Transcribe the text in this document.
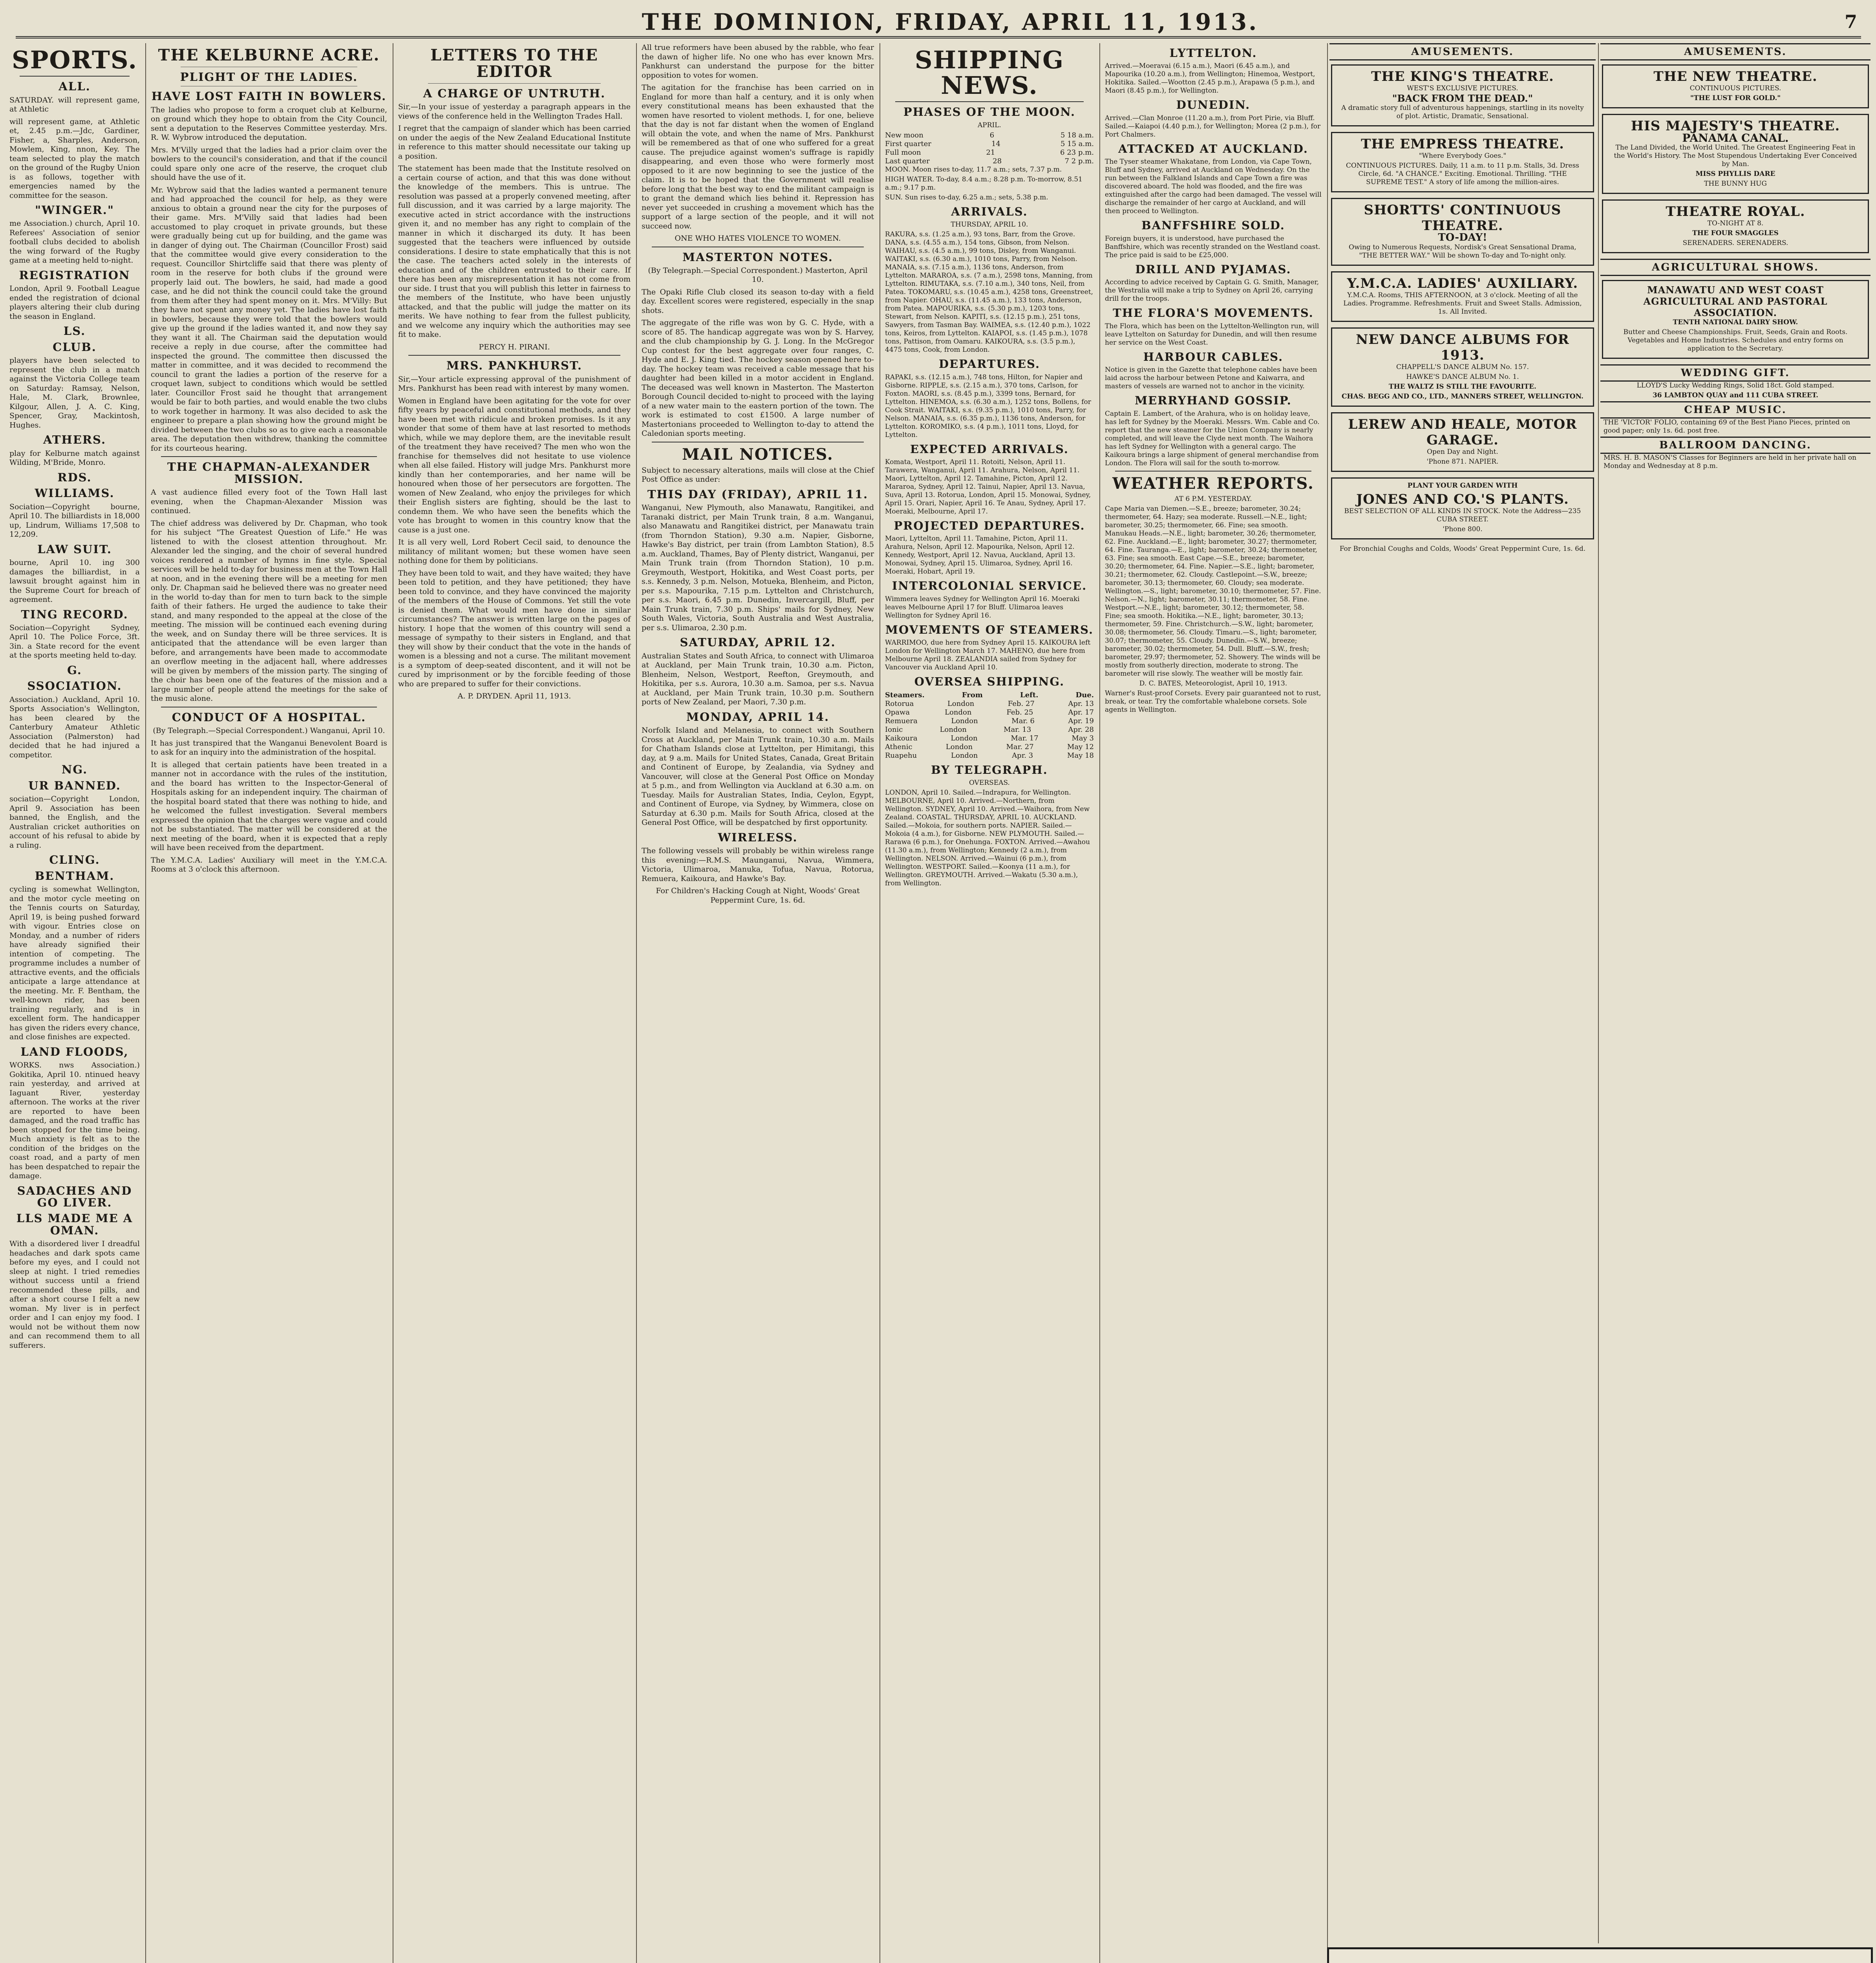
THE DOMINION, FRIDAY, APRIL 11, 1913.	7
SPORTS.
ALL.
SATURDAY. will represent game, at Athletic
will represent game, at Athletic et, 2.45 p.m.—Jdc, Gardiner, Fisher, a, Sharples, Anderson, Mowlem, King, nnon, Key. The team selected to play the match on the ground of the Rugby Union is as follows, together with emergencies named by the committee for the season.
"WINGER."
me Association.) church, April 10. Referees' Association of senior football clubs decided to abolish the wing forward of the Rugby game at a meeting held to-night.
REGISTRATION
London, April 9. Football League ended the registration of dcional players altering their club during the season in England.
LS.
CLUB.
players have been selected to represent the club in a match against the Victoria College team on Saturday: Ramsay, Nelson, Hale, M. Clark, Brownlee, Kilgour, Allen, J. A. C. King, Spencer, Gray, Mackintosh, Hughes.
ATHERS.
play for Kelburne match against Wilding, M'Bride, Monro.
RDS.
WILLIAMS.
Sociation—Copyright bourne, April 10. The billiardists in 18,000 up, Lindrum, Williams 17,508 to 12,209.
LAW SUIT.
bourne, April 10. ing 300 damages the billiardist, in a lawsuit brought against him in the Supreme Court for breach of agreement.
TING RECORD.
Sociation—Copyright Sydney, April 10. The Police Force, 3ft. 3in. a State record for the event at the sports meeting held to-day.
G.
SSOCIATION.
Association.) Auckland, April 10. Sports Association's Wellington, has been cleared by the Canterbury Amateur Athletic Association (Palmerston) had decided that he had injured a competitor.
NG.
UR BANNED.
sociation—Copyright London, April 9. Association has been banned, the English, and the Australian cricket authorities on account of his refusal to abide by a ruling.
CLING.
BENTHAM.
cycling is somewhat Wellington, and the motor cycle meeting on the Tennis courts on Saturday, April 19, is being pushed forward with vigour. Entries close on Monday, and a number of riders have already signified their intention of competing. The programme includes a number of attractive events, and the officials anticipate a large attendance at the meeting. Mr. F. Bentham, the well-known rider, has been training regularly, and is in excellent form. The handicapper has given the riders every chance, and close finishes are expected.
LAND FLOODS,
WORKS. nws Association.) Gokitika, April 10. ntinued heavy rain yesterday, and arrived at Iaguant River, yesterday afternoon. The works at the river are reported to have been damaged, and the road traffic has been stopped for the time being. Much anxiety is felt as to the condition of the bridges on the coast road, and a party of men has been despatched to repair the damage.
SADACHES AND GO LIVER.
LLS MADE ME A OMAN.
With a disordered liver I dreadful headaches and dark spots came before my eyes, and I could not sleep at night. I tried remedies without success until a friend recommended these pills, and after a short course I felt a new woman. My liver is in perfect order and I can enjoy my food. I would not be without them now and can recommend them to all sufferers.
THE KELBURNE ACRE.
PLIGHT OF THE LADIES.
HAVE LOST FAITH IN BOWLERS.
The ladies who propose to form a croquet club at Kelburne, on ground which they hope to obtain from the City Council, sent a deputation to the Reserves Committee yesterday. Mrs. R. W. Wybrow introduced the deputation.
Mrs. M'Villy urged that the ladies had a prior claim over the bowlers to the council's consideration, and that if the council could spare only one acre of the reserve, the croquet club should have the use of it.
Mr. Wybrow said that the ladies wanted a permanent tenure and had approached the council for help, as they were anxious to obtain a ground near the city for the purposes of their game. Mrs. M'Villy said that ladies had been accustomed to play croquet in private grounds, but these were gradually being cut up for building, and the game was in danger of dying out. The Chairman (Councillor Frost) said that the committee would give every consideration to the request. Councillor Shirtcliffe said that there was plenty of room in the reserve for both clubs if the ground were properly laid out. The bowlers, he said, had made a good case, and he did not think the council could take the ground from them after they had spent money on it. Mrs. M'Villy: But they have not spent any money yet. The ladies have lost faith in bowlers, because they were told that the bowlers would give up the ground if the ladies wanted it, and now they say they want it all. The Chairman said the deputation would receive a reply in due course, after the committee had inspected the ground. The committee then discussed the matter in committee, and it was decided to recommend the council to grant the ladies a portion of the reserve for a croquet lawn, subject to conditions which would be settled later. Councillor Frost said he thought that arrangement would be fair to both parties, and would enable the two clubs to work together in harmony. It was also decided to ask the engineer to prepare a plan showing how the ground might be divided between the two clubs so as to give each a reasonable area. The deputation then withdrew, thanking the committee for its courteous hearing.
THE CHAPMAN-ALEXANDER MISSION.
A vast audience filled every foot of the Town Hall last evening, when the Chapman-Alexander Mission was continued.
The chief address was delivered by Dr. Chapman, who took for his subject "The Greatest Question of Life." He was listened to with the closest attention throughout. Mr. Alexander led the singing, and the choir of several hundred voices rendered a number of hymns in fine style. Special services will be held to-day for business men at the Town Hall at noon, and in the evening there will be a meeting for men only. Dr. Chapman said he believed there was no greater need in the world to-day than for men to turn back to the simple faith of their fathers. He urged the audience to take their stand, and many responded to the appeal at the close of the meeting. The mission will be continued each evening during the week, and on Sunday there will be three services. It is anticipated that the attendance will be even larger than before, and arrangements have been made to accommodate an overflow meeting in the adjacent hall, where addresses will be given by members of the mission party. The singing of the choir has been one of the features of the mission and a large number of people attend the meetings for the sake of the music alone.
CONDUCT OF A HOSPITAL.
(By Telegraph.—Special Correspondent.) Wanganui, April 10.
It has just transpired that the Wanganui Benevolent Board is to ask for an inquiry into the administration of the hospital.
It is alleged that certain patients have been treated in a manner not in accordance with the rules of the institution, and the board has written to the Inspector-General of Hospitals asking for an independent inquiry. The chairman of the hospital board stated that there was nothing to hide, and he welcomed the fullest investigation. Several members expressed the opinion that the charges were vague and could not be substantiated. The matter will be considered at the next meeting of the board, when it is expected that a reply will have been received from the department.
The Y.M.C.A. Ladies' Auxiliary will meet in the Y.M.C.A. Rooms at 3 o'clock this afternoon.
LETTERS TO THE EDITOR
A CHARGE OF UNTRUTH.
Sir,—In your issue of yesterday a paragraph appears in the views of the conference held in the Wellington Trades Hall.
I regret that the campaign of slander which has been carried on under the aegis of the New Zealand Educational Institute in reference to this matter should necessitate our taking up a position.
The statement has been made that the Institute resolved on a certain course of action, and that this was done without the knowledge of the members. This is untrue. The resolution was passed at a properly convened meeting, after full discussion, and it was carried by a large majority. The executive acted in strict accordance with the instructions given it, and no member has any right to complain of the manner in which it discharged its duty. It has been suggested that the teachers were influenced by outside considerations. I desire to state emphatically that this is not the case. The teachers acted solely in the interests of education and of the children entrusted to their care. If there has been any misrepresentation it has not come from our side. I trust that you will publish this letter in fairness to the members of the Institute, who have been unjustly attacked, and that the public will judge the matter on its merits. We have nothing to fear from the fullest publicity, and we welcome any inquiry which the authorities may see fit to make.
PERCY H. PIRANI.
MRS. PANKHURST.
Sir,—Your article expressing approval of the punishment of Mrs. Pankhurst has been read with interest by many women.
Women in England have been agitating for the vote for over fifty years by peaceful and constitutional methods, and they have been met with ridicule and broken promises. Is it any wonder that some of them have at last resorted to methods which, while we may deplore them, are the inevitable result of the treatment they have received? The men who won the franchise for themselves did not hesitate to use violence when all else failed. History will judge Mrs. Pankhurst more kindly than her contemporaries, and her name will be honoured when those of her persecutors are forgotten. The women of New Zealand, who enjoy the privileges for which their English sisters are fighting, should be the last to condemn them. We who have seen the benefits which the vote has brought to women in this country know that the cause is a just one.
It is all very well, Lord Robert Cecil said, to denounce the militancy of militant women; but these women have seen nothing done for them by politicians.
They have been told to wait, and they have waited; they have been told to petition, and they have petitioned; they have been told to convince, and they have convinced the majority of the members of the House of Commons. Yet still the vote is denied them. What would men have done in similar circumstances? The answer is written large on the pages of history. I hope that the women of this country will send a message of sympathy to their sisters in England, and that they will show by their conduct that the vote in the hands of women is a blessing and not a curse. The militant movement is a symptom of deep-seated discontent, and it will not be cured by imprisonment or by the forcible feeding of those who are prepared to suffer for their convictions.
A. P. DRYDEN. April 11, 1913.
All true reformers have been abused by the rabble, who fear the dawn of higher life. No one who has ever known Mrs. Pankhurst can understand the purpose for the bitter opposition to votes for women.
The agitation for the franchise has been carried on in England for more than half a century, and it is only when every constitutional means has been exhausted that the women have resorted to violent methods. I, for one, believe that the day is not far distant when the women of England will obtain the vote, and when the name of Mrs. Pankhurst will be remembered as that of one who suffered for a great cause. The prejudice against women's suffrage is rapidly disappearing, and even those who were formerly most opposed to it are now beginning to see the justice of the claim. It is to be hoped that the Government will realise before long that the best way to end the militant campaign is to grant the demand which lies behind it. Repression has never yet succeeded in crushing a movement which has the support of a large section of the people, and it will not succeed now.
ONE WHO HATES VIOLENCE TO WOMEN.
MASTERTON NOTES.
(By Telegraph.—Special Correspondent.) Masterton, April 10.
The Opaki Rifle Club closed its season to-day with a field day. Excellent scores were registered, especially in the snap shots.
The aggregate of the rifle was won by G. C. Hyde, with a score of 85. The handicap aggregate was won by S. Harvey, and the club championship by G. J. Long. In the McGregor Cup contest for the best aggregate over four ranges, C. Hyde and E. J. King tied. The hockey season opened here to-day. The hockey team was received a cable message that his daughter had been killed in a motor accident in England. The deceased was well known in Masterton. The Masterton Borough Council decided to-night to proceed with the laying of a new water main to the eastern portion of the town. The work is estimated to cost £1500. A large number of Mastertonians proceeded to Wellington to-day to attend the Caledonian sports meeting.
MAIL NOTICES.
Subject to necessary alterations, mails will close at the Chief Post Office as under:
THIS DAY (FRIDAY), APRIL 11.
Wanganui, New Plymouth, also Manawatu, Rangitikei, and Taranaki district, per Main Trunk train, 8 a.m. Wanganui, also Manawatu and Rangitikei district, per Manawatu train (from Thorndon Station), 9.30 a.m. Napier, Gisborne, Hawke's Bay district, per train (from Lambton Station), 8.5 a.m. Auckland, Thames, Bay of Plenty district, Wanganui, per Main Trunk train (from Thorndon Station), 10 p.m. Greymouth, Westport, Hokitika, and West Coast ports, per s.s. Kennedy, 3 p.m. Nelson, Motueka, Blenheim, and Picton, per s.s. Mapourika, 7.15 p.m. Lyttelton and Christchurch, per s.s. Maori, 6.45 p.m. Dunedin, Invercargill, Bluff, per Main Trunk train, 7.30 p.m. Ships' mails for Sydney, New South Wales, Victoria, South Australia and West Australia, per s.s. Ulimaroa, 2.30 p.m.
SATURDAY, APRIL 12.
Australian States and South Africa, to connect with Ulimaroa at Auckland, per Main Trunk train, 10.30 a.m. Picton, Blenheim, Nelson, Westport, Reefton, Greymouth, and Hokitika, per s.s. Aurora, 10.30 a.m. Samoa, per s.s. Navua at Auckland, per Main Trunk train, 10.30 p.m. Southern ports of New Zealand, per Maori, 7.30 p.m.
MONDAY, APRIL 14.
Norfolk Island and Melanesia, to connect with Southern Cross at Auckland, per Main Trunk train, 10.30 a.m. Mails for Chatham Islands close at Lyttelton, per Himitangi, this day, at 9 a.m. Mails for United States, Canada, Great Britain and Continent of Europe, by Zealandia, via Sydney and Vancouver, will close at the General Post Office on Monday at 5 p.m., and from Wellington via Auckland at 6.30 a.m. on Tuesday. Mails for Australian States, India, Ceylon, Egypt, and Continent of Europe, via Sydney, by Wimmera, close on Saturday at 6.30 p.m. Mails for South Africa, closed at the General Post Office, will be despatched by first opportunity.
WIRELESS.
The following vessels will probably be within wireless range this evening:—R.M.S. Maunganui, Navua, Wimmera, Victoria, Ulimaroa, Manuka, Tofua, Navua, Rotorua, Remuera, Kaikoura, and Hawke's Bay.
For Children's Hacking Cough at Night, Woods' Great Peppermint Cure, 1s. 6d.
SHIPPING NEWS.
PHASES OF THE MOON.
APRIL.
New moon	6	5 18 a.m.
First quarter	14	5 15 a.m.
Full moon	21	6 23 p.m.
Last quarter	28	7 2 p.m.
MOON. Moon rises to-day, 11.7 a.m.; sets, 7.37 p.m.
HIGH WATER. To-day, 8.4 a.m.; 8.28 p.m. To-morrow, 8.51 a.m.; 9.17 p.m.
SUN. Sun rises to-day, 6.25 a.m.; sets, 5.38 p.m.
ARRIVALS.
THURSDAY, APRIL 10.
RAKURA, s.s. (1.25 a.m.), 93 tons, Barr, from the Grove. DANA, s.s. (4.55 a.m.), 154 tons, Gibson, from Nelson. WAIHAU, s.s. (4.5 a.m.), 99 tons, Disley, from Wanganui. WAITAKI, s.s. (6.30 a.m.), 1010 tons, Parry, from Nelson. MANAIA, s.s. (7.15 a.m.), 1136 tons, Anderson, from Lyttelton. MARAROA, s.s. (7 a.m.), 2598 tons, Manning, from Lyttelton. RIMUTAKA, s.s. (7.10 a.m.), 340 tons, Neil, from Patea. TOKOMARU, s.s. (10.45 a.m.), 4258 tons, Greenstreet, from Napier. OHAU, s.s. (11.45 a.m.), 133 tons, Anderson, from Patea. MAPOURIKA, s.s. (5.30 p.m.), 1203 tons, Stewart, from Nelson. KAPITI, s.s. (12.15 p.m.), 251 tons, Sawyers, from Tasman Bay. WAIMEA, s.s. (12.40 p.m.), 1022 tons, Keiros, from Lyttelton. KAIAPOI, s.s. (1.45 p.m.), 1078 tons, Pattison, from Oamaru. KAIKOURA, s.s. (3.5 p.m.), 4475 tons, Cook, from London.
DEPARTURES.
RAPAKI, s.s. (12.15 a.m.), 748 tons, Hilton, for Napier and Gisborne. RIPPLE, s.s. (2.15 a.m.), 370 tons, Carlson, for Foxton. MAORI, s.s. (8.45 p.m.), 3399 tons, Bernard, for Lyttelton. HINEMOA, s.s. (6.30 a.m.), 1252 tons, Bollens, for Cook Strait. WAITAKI, s.s. (9.35 p.m.), 1010 tons, Parry, for Nelson. MANAIA, s.s. (6.35 p.m.), 1136 tons, Anderson, for Lyttelton. KOROMIKO, s.s. (4 p.m.), 1011 tons, Lloyd, for Lyttelton.
EXPECTED ARRIVALS.
Komata, Westport, April 11. Rotoiti, Nelson, April 11. Tarawera, Wanganui, April 11. Arahura, Nelson, April 11. Maori, Lyttelton, April 12. Tamahine, Picton, April 12. Mararoa, Sydney, April 12. Tainui, Napier, April 13. Navua, Suva, April 13. Rotorua, London, April 15. Monowai, Sydney, April 15. Orari, Napier, April 16. Te Anau, Sydney, April 17. Moeraki, Melbourne, April 17.
PROJECTED DEPARTURES.
Maori, Lyttelton, April 11. Tamahine, Picton, April 11. Arahura, Nelson, April 12. Mapourika, Nelson, April 12. Kennedy, Westport, April 12. Navua, Auckland, April 13. Monowai, Sydney, April 15. Ulimaroa, Sydney, April 16. Moeraki, Hobart, April 19.
INTERCOLONIAL SERVICE.
Wimmera leaves Sydney for Wellington April 16. Moeraki leaves Melbourne April 17 for Bluff. Ulimaroa leaves Wellington for Sydney April 16.
MOVEMENTS OF STEAMERS.
WARRIMOO, due here from Sydney April 15. KAIKOURA left London for Wellington March 17. MAHENO, due here from Melbourne April 18. ZEALANDIA sailed from Sydney for Vancouver via Auckland April 10.
OVERSEA SHIPPING.
Steamers.	From	Left.	Due.
Rotorua	London	Feb. 27	Apr. 13
Opawa	London	Feb. 25	Apr. 17
Remuera	London	Mar. 6	Apr. 19
Ionic	London	Mar. 13	Apr. 28
Kaikoura	London	Mar. 17	May 3
Athenic	London	Mar. 27	May 12
Ruapehu	London	Apr. 3	May 18
BY TELEGRAPH.
OVERSEAS.
LONDON, April 10. Sailed.—Indrapura, for Wellington. MELBOURNE, April 10. Arrived.—Northern, from Wellington. SYDNEY, April 10. Arrived.—Waihora, from New Zealand. COASTAL. THURSDAY, APRIL 10. AUCKLAND. Sailed.—Mokoia, for southern ports. NAPIER. Sailed.—Mokoia (4 a.m.), for Gisborne. NEW PLYMOUTH. Sailed.—Rarawa (6 p.m.), for Onehunga. FOXTON. Arrived.—Awahou (11.30 a.m.), from Wellington; Kennedy (2 a.m.), from Wellington. NELSON. Arrived.—Wainui (6 p.m.), from Wellington. WESTPORT. Sailed.—Koonya (11 a.m.), for Wellington. GREYMOUTH. Arrived.—Wakatu (5.30 a.m.), from Wellington.
LYTTELTON.
Arrived.—Moeravai (6.15 a.m.), Maori (6.45 a.m.), and Mapourika (10.20 a.m.), from Wellington; Hinemoa, Westport, Hokitika. Sailed.—Wootton (2.45 p.m.), Arapawa (5 p.m.), and Maori (8.45 p.m.), for Wellington.
DUNEDIN.
Arrived.—Clan Monroe (11.20 a.m.), from Port Pirie, via Bluff. Sailed.—Kaiapoi (4.40 p.m.), for Wellington; Morea (2 p.m.), for Port Chalmers.
ATTACKED AT AUCKLAND.
The Tyser steamer Whakatane, from London, via Cape Town, Bluff and Sydney, arrived at Auckland on Wednesday. On the run between the Falkland Islands and Cape Town a fire was discovered aboard. The hold was flooded, and the fire was extinguished after the cargo had been damaged. The vessel will discharge the remainder of her cargo at Auckland, and will then proceed to Wellington.
BANFFSHIRE SOLD.
Foreign buyers, it is understood, have purchased the Banffshire, which was recently stranded on the Westland coast. The price paid is said to be £25,000.
DRILL AND PYJAMAS.
According to advice received by Captain G. G. Smith, Manager, the Westralia will make a trip to Sydney on April 26, carrying drill for the troops.
THE FLORA'S MOVEMENTS.
The Flora, which has been on the Lyttelton-Wellington run, will leave Lyttelton on Saturday for Dunedin, and will then resume her service on the West Coast.
HARBOUR CABLES.
Notice is given in the Gazette that telephone cables have been laid across the harbour between Petone and Kaiwarra, and masters of vessels are warned not to anchor in the vicinity.
MERRYHAND GOSSIP.
Captain E. Lambert, of the Arahura, who is on holiday leave, has left for Sydney by the Moeraki. Messrs. Wm. Cable and Co. report that the new steamer for the Union Company is nearly completed, and will leave the Clyde next month. The Waihora has left Sydney for Wellington with a general cargo. The Kaikoura brings a large shipment of general merchandise from London. The Flora will sail for the south to-morrow.
WEATHER REPORTS.
AT 6 P.M. YESTERDAY.
Cape Maria van Diemen.—S.E., breeze; barometer, 30.24; thermometer, 64. Hazy; sea moderate. Russell.—N.E., light; barometer, 30.25; thermometer, 66. Fine; sea smooth. Manukau Heads.—N.E., light; barometer, 30.26; thermometer, 62. Fine. Auckland.—E., light; barometer, 30.27; thermometer, 64. Fine. Tauranga.—E., light; barometer, 30.24; thermometer, 63. Fine; sea smooth. East Cape.—S.E., breeze; barometer, 30.20; thermometer, 64. Fine. Napier.—S.E., light; barometer, 30.21; thermometer, 62. Cloudy. Castlepoint.—S.W., breeze; barometer, 30.13; thermometer, 60. Cloudy; sea moderate. Wellington.—S., light; barometer, 30.10; thermometer, 57. Fine. Nelson.—N., light; barometer, 30.11; thermometer, 58. Fine. Westport.—N.E., light; barometer, 30.12; thermometer, 58. Fine; sea smooth. Hokitika.—N.E., light; barometer, 30.13; thermometer, 59. Fine. Christchurch.—S.W., light; barometer, 30.08; thermometer, 56. Cloudy. Timaru.—S., light; barometer, 30.07; thermometer, 55. Cloudy. Dunedin.—S.W., breeze; barometer, 30.02; thermometer, 54. Dull. Bluff.—S.W., fresh; barometer, 29.97; thermometer, 52. Showery. The winds will be mostly from southerly direction, moderate to strong. The barometer will rise slowly. The weather will be mostly fair.
D. C. BATES, Meteorologist, April 10, 1913.
Warner's Rust-proof Corsets. Every pair guaranteed not to rust, break, or tear. Try the comfortable whalebone corsets. Sole agents in Wellington.
AMUSEMENTS.
THE KING'S THEATRE.
WEST'S EXCLUSIVE PICTURES.
"BACK FROM THE DEAD."
A dramatic story full of adventurous happenings, startling in its novelty of plot. Artistic, Dramatic, Sensational.
THE EMPRESS THEATRE.
"Where Everybody Goes."
CONTINUOUS PICTURES. Daily, 11 a.m. to 11 p.m. Stalls, 3d. Dress Circle, 6d. "A CHANCE." Exciting. Emotional. Thrilling. "THE SUPREME TEST." A story of life among the million-aires.
SHORTTS' CONTINUOUS THEATRE.
TO-DAY!
Owing to Numerous Requests, Nordisk's Great Sensational Drama, "THE BETTER WAY." Will be shown To-day and To-night only.
Y.M.C.A. LADIES' AUXILIARY.
Y.M.C.A. Rooms, THIS AFTERNOON, at 3 o'clock. Meeting of all the Ladies. Programme. Refreshments. Fruit and Sweet Stalls. Admission, 1s. All Invited.
NEW DANCE ALBUMS FOR 1913.
CHAPPELL'S DANCE ALBUM No. 157.
HAWKE'S DANCE ALBUM No. 1.
THE WALTZ IS STILL THE FAVOURITE.
CHAS. BEGG AND CO., LTD., MANNERS STREET, WELLINGTON.
LEREW AND HEALE, MOTOR GARAGE.
Open Day and Night.
'Phone 871. NAPIER.
PLANT YOUR GARDEN WITH
JONES AND CO.'S PLANTS.
BEST SELECTION OF ALL KINDS IN STOCK. Note the Address—235 CUBA STREET.
'Phone 800.
For Bronchial Coughs and Colds, Woods' Great Peppermint Cure, 1s. 6d.
AMUSEMENTS.
THE NEW THEATRE.
CONTINUOUS PICTURES.
"THE LUST FOR GOLD."
HIS MAJESTY'S THEATRE.
PANAMA CANAL.
The Land Divided, the World United. The Greatest Engineering Feat in the World's History. The Most Stupendous Undertaking Ever Conceived by Man.
MISS PHYLLIS DARE
THE BUNNY HUG
THEATRE ROYAL.
TO-NIGHT AT 8.
THE FOUR SMAGGLES
SERENADERS. SERENADERS.
AGRICULTURAL SHOWS.
MANAWATU AND WEST COAST AGRICULTURAL AND PASTORAL ASSOCIATION.
TENTH NATIONAL DAIRY SHOW.
Butter and Cheese Championships. Fruit, Seeds, Grain and Roots. Vegetables and Home Industries. Schedules and entry forms on application to the Secretary.
WEDDING GIFT.
LLOYD'S Lucky Wedding Rings, Solid 18ct. Gold stamped.
36 LAMBTON QUAY and 111 CUBA STREET.
CHEAP MUSIC.
THE 'VICTOR' FOLIO, containing 69 of the Best Piano Pieces, printed on good paper; only 1s. 6d. post free.
BALLROOM DANCING.
MRS. H. B. MASON'S Classes for Beginners are held in her private hall on Monday and Wednesday at 8 p.m.
